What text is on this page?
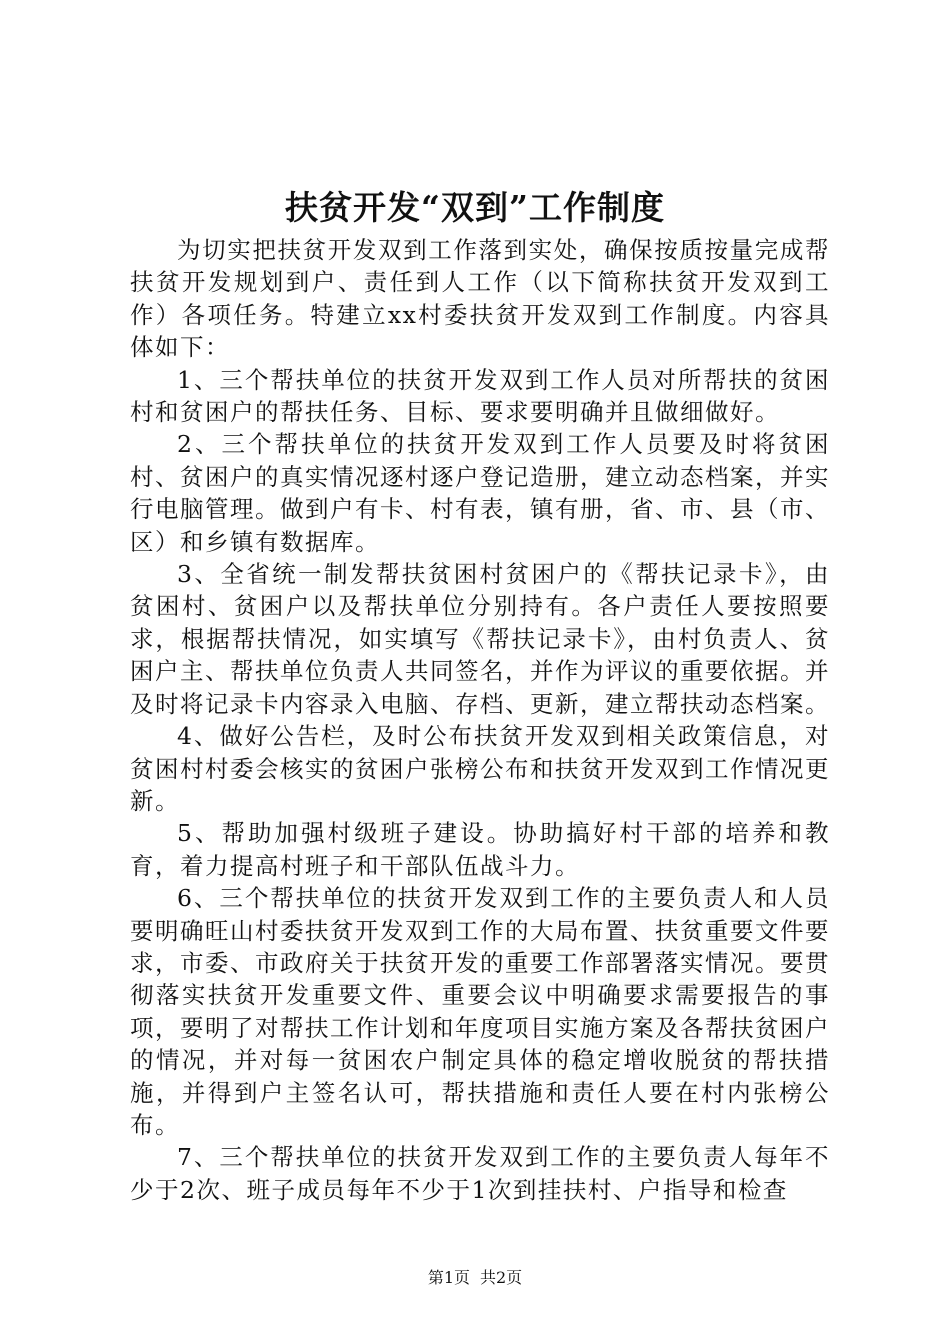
扶贫开发“双到”工作制度

为切实把扶贫开发双到工作落到实处，确保按质按量完成帮扶贫开发规划到户、责任到人工作（以下简称扶贫开发双到工作）各项任务。特建立xx村委扶贫开发双到工作制度。内容具体如下：

1、三个帮扶单位的扶贫开发双到工作人员对所帮扶的贫困村和贫困户的帮扶任务、目标、要求要明确并且做细做好。

2、三个帮扶单位的扶贫开发双到工作人员要及时将贫困村、贫困户的真实情况逐村逐户登记造册，建立动态档案，并实行电脑管理。做到户有卡、村有表，镇有册，省、市、县（市、区）和乡镇有数据库。

3、全省统一制发帮扶贫困村贫困户的《帮扶记录卡》，由贫困村、贫困户以及帮扶单位分别持有。各户责任人要按照要求，根据帮扶情况，如实填写《帮扶记录卡》，由村负责人、贫困户主、帮扶单位负责人共同签名，并作为评议的重要依据。并及时将记录卡内容录入电脑、存档、更新，建立帮扶动态档案。

4、做好公告栏，及时公布扶贫开发双到相关政策信息，对贫困村村委会核实的贫困户张榜公布和扶贫开发双到工作情况更新。

5、帮助加强村级班子建设。协助搞好村干部的培养和教育，着力提高村班子和干部队伍战斗力。

6、三个帮扶单位的扶贫开发双到工作的主要负责人和人员要明确旺山村委扶贫开发双到工作的大局布置、扶贫重要文件要求，市委、市政府关于扶贫开发的重要工作部署落实情况。要贯彻落实扶贫开发重要文件、重要会议中明确要求需要报告的事项，要明了对帮扶工作计划和年度项目实施方案及各帮扶贫困户的情况，并对每一贫困农户制定具体的稳定增收脱贫的帮扶措施，并得到户主签名认可，帮扶措施和责任人要在村内张榜公布。

7、三个帮扶单位的扶贫开发双到工作的主要负责人每年不少于2次、班子成员每年不少于1次到挂扶村、户指导和检查

第1页 共2页
